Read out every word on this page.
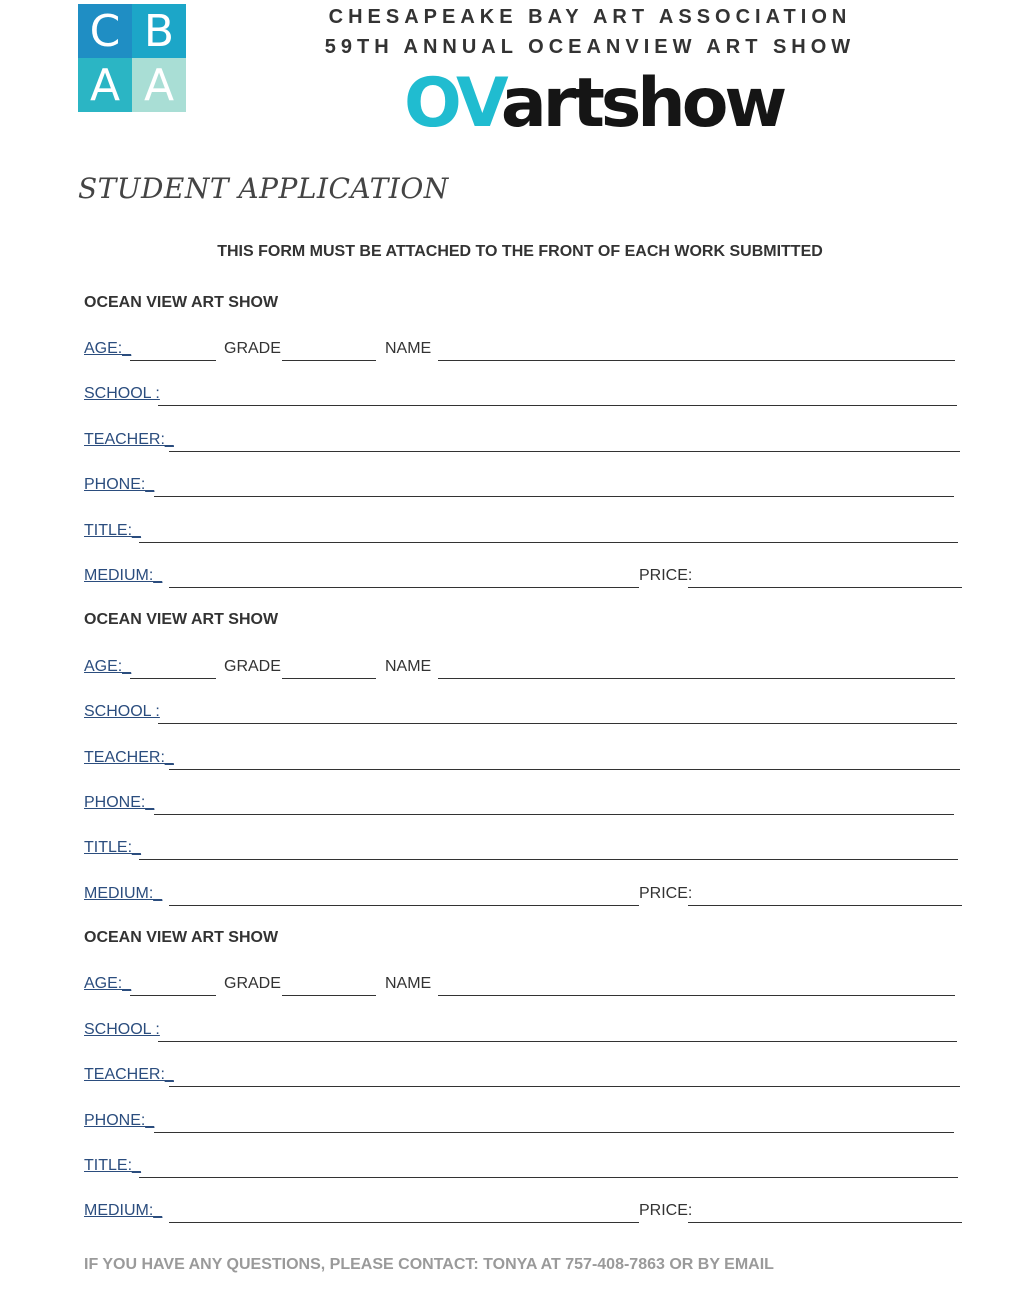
C B
A A
CHESAPEAKE BAY ART ASSOCIATION
59TH ANNUAL OCEANVIEW ART SHOW
OVartshow
STUDENT APPLICATION
THIS FORM MUST BE ATTACHED TO THE FRONT OF EACH WORK SUBMITTED
OCEAN VIEW ART SHOW
AGE:_	GRADE	NAME
SCHOOL :
TEACHER:_
PHONE:_
TITLE:_
MEDIUM:_	PRICE:
OCEAN VIEW ART SHOW
AGE:_	GRADE	NAME
SCHOOL :
TEACHER:_
PHONE:_
TITLE:_
MEDIUM:_	PRICE:
OCEAN VIEW ART SHOW
AGE:_	GRADE	NAME
SCHOOL :
TEACHER:_
PHONE:_
TITLE:_
MEDIUM:_	PRICE:
IF YOU HAVE ANY QUESTIONS, PLEASE CONTACT: TONYA AT 757-408-7863 OR BY EMAIL
